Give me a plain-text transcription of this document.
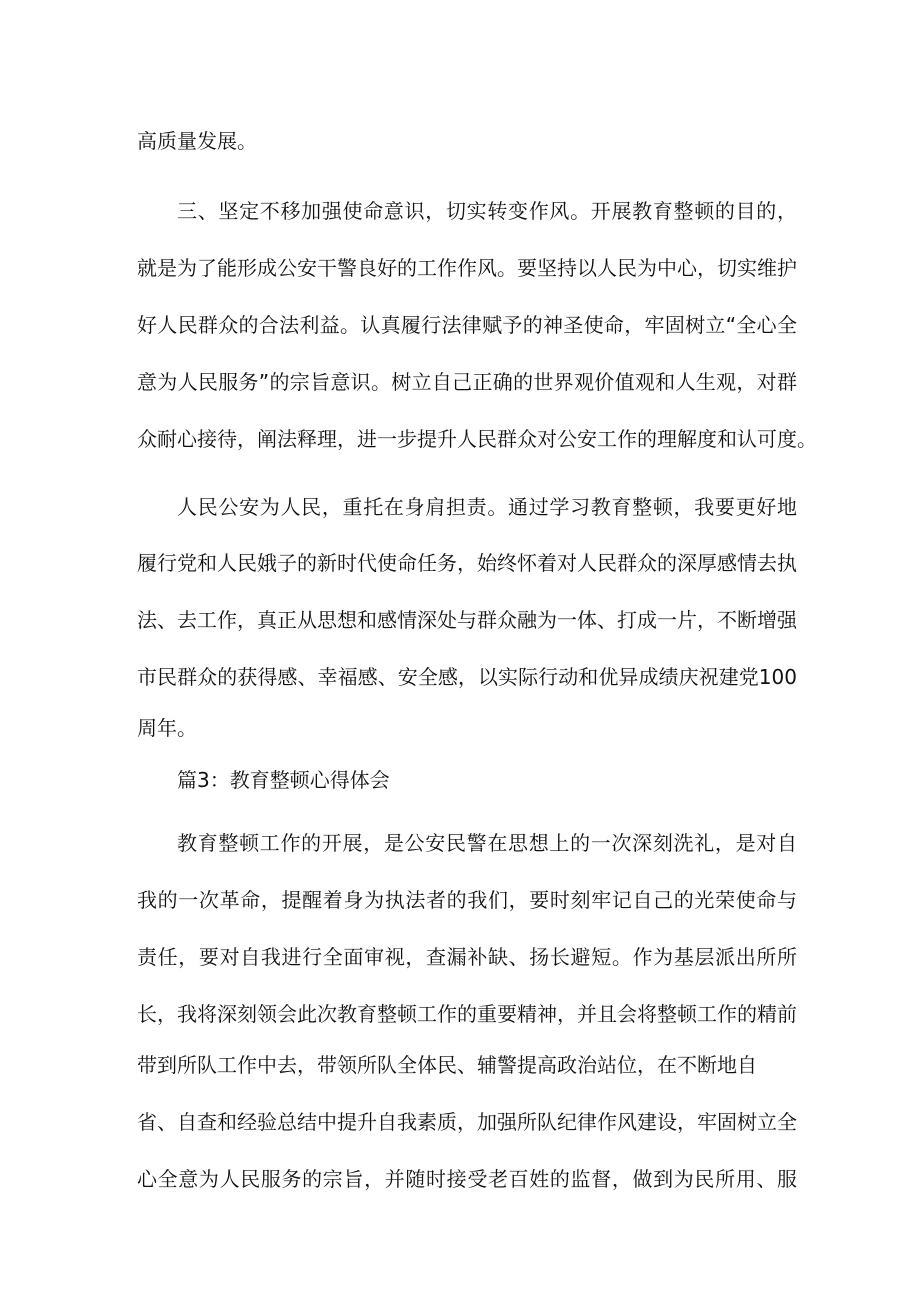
高质量发展。
三、坚定不移加强使命意识，切实转变作风。开展教育整顿的目的，
就是为了能形成公安干警良好的工作作风。要坚持以人民为中心，切实维护
好人民群众的合法利益。认真履行法律赋予的神圣使命，牢固树立“全心全
意为人民服务”的宗旨意识。树立自己正确的世界观价值观和人生观，对群
众耐心接待，阐法释理，进一步提升人民群众对公安工作的理解度和认可度。
人民公安为人民，重托在身肩担责。通过学习教育整顿，我要更好地
履行党和人民娥子的新时代使命任务，始终怀着对人民群众的深厚感情去执
法、去工作，真正从思想和感情深处与群众融为一体、打成一片，不断增强
市民群众的获得感、幸福感、安全感，以实际行动和优异成绩庆祝建党100
周年。
篇3：教育整顿心得体会
教育整顿工作的开展，是公安民警在思想上的一次深刻洗礼，是对自
我的一次革命，提醒着身为执法者的我们，要时刻牢记自己的光荣使命与
责任，要对自我进行全面审视，查漏补缺、扬长避短。作为基层派出所所
长，我将深刻领会此次教育整顿工作的重要精神，并且会将整顿工作的精前
带到所队工作中去，带领所队全体民、辅警提高政治站位，在不断地自
省、自查和经验总结中提升自我素质，加强所队纪律作风建设，牢固树立全
心全意为人民服务的宗旨，并随时接受老百姓的监督，做到为民所用、服
